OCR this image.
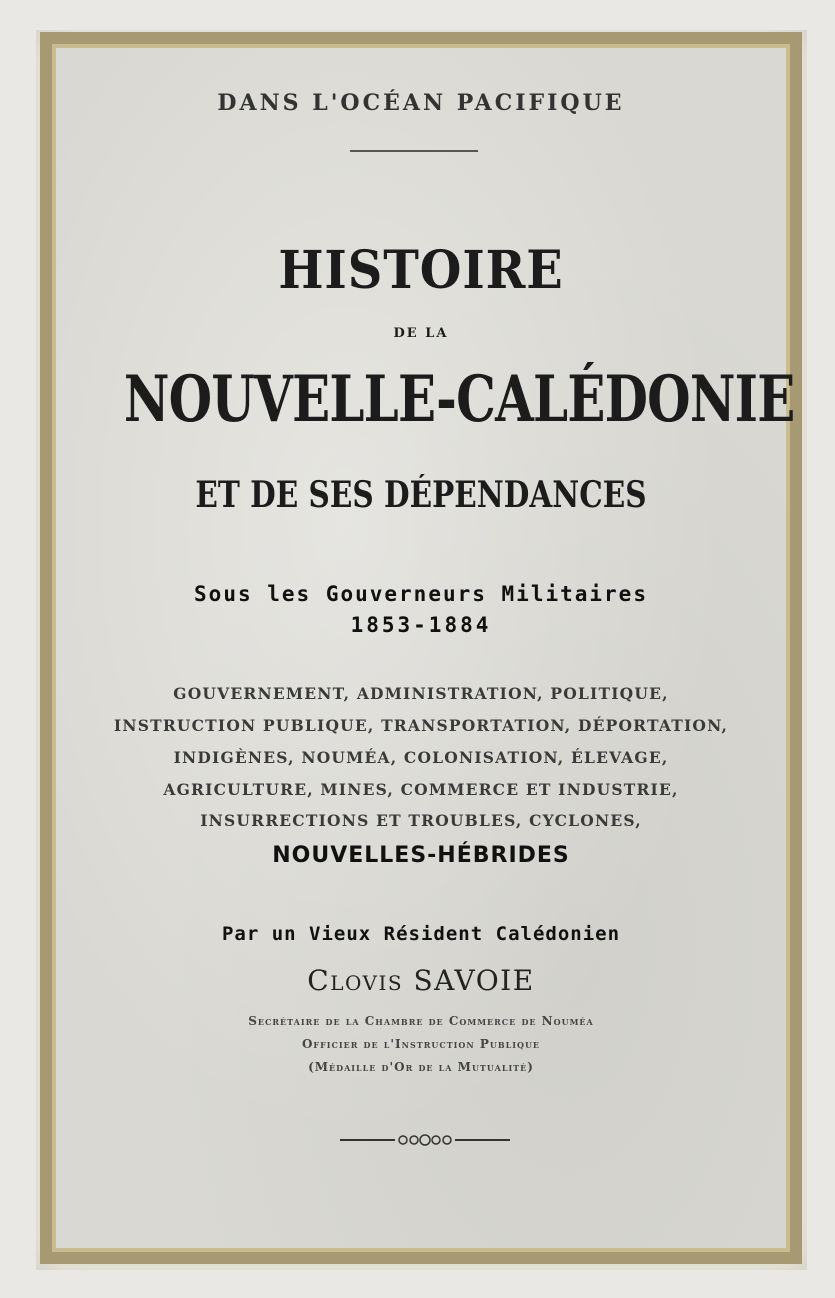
DANS L'OCÉAN PACIFIQUE
HISTOIRE
DE LA
NOUVELLE-CALÉDONIE
ET DE SES DÉPENDANCES
Sous les Gouverneurs Militaires
1853-1884
GOUVERNEMENT, ADMINISTRATION, POLITIQUE,
INSTRUCTION PUBLIQUE, TRANSPORTATION, DÉPORTATION,
INDIGÈNES, NOUMÉA, COLONISATION, ÉLEVAGE,
AGRICULTURE, MINES, COMMERCE ET INDUSTRIE,
INSURRECTIONS ET TROUBLES, CYCLONES,
NOUVELLES-HÉBRIDES
Par un Vieux Résident Calédonien
Clovis SAVOIE
Secrétaire de la Chambre de Commerce de Nouméa
Officier de l'Instruction Publique
(Médaille d'Or de la Mutualité)
